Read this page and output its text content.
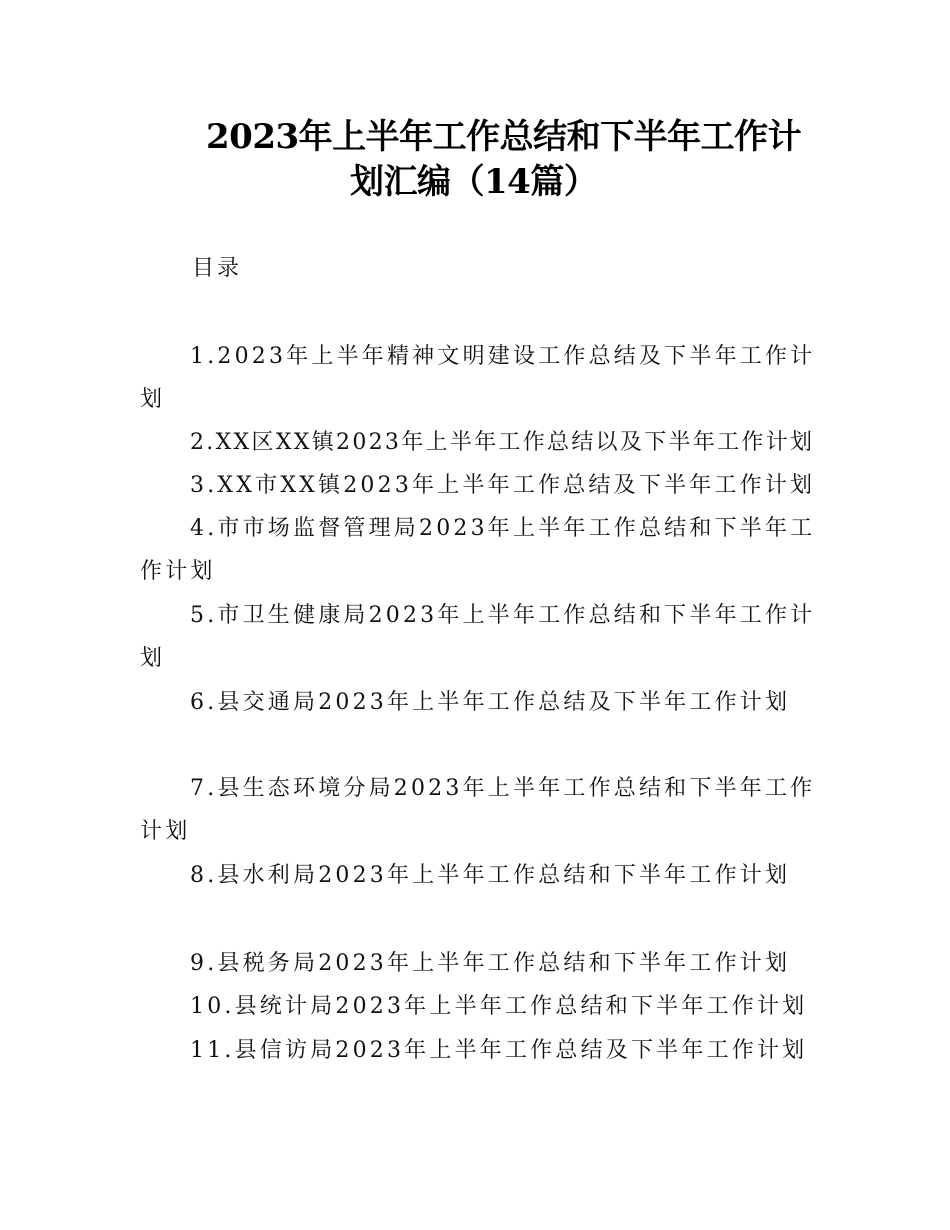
2023年上半年工作总结和下半年工作计
划汇编（14篇）
目录
1.2023年上半年精神文明建设工作总结及下半年工作计划
2.XX区XX镇2023年上半年工作总结以及下半年工作计划
3.XX市XX镇2023年上半年工作总结及下半年工作计划
4.市市场监督管理局2023年上半年工作总结和下半年工作计划
5.市卫生健康局2023年上半年工作总结和下半年工作计划
6.县交通局2023年上半年工作总结及下半年工作计划
7.县生态环境分局2023年上半年工作总结和下半年工作计划
8.县水利局2023年上半年工作总结和下半年工作计划
9.县税务局2023年上半年工作总结和下半年工作计划
10.县统计局2023年上半年工作总结和下半年工作计划
11.县信访局2023年上半年工作总结及下半年工作计划
